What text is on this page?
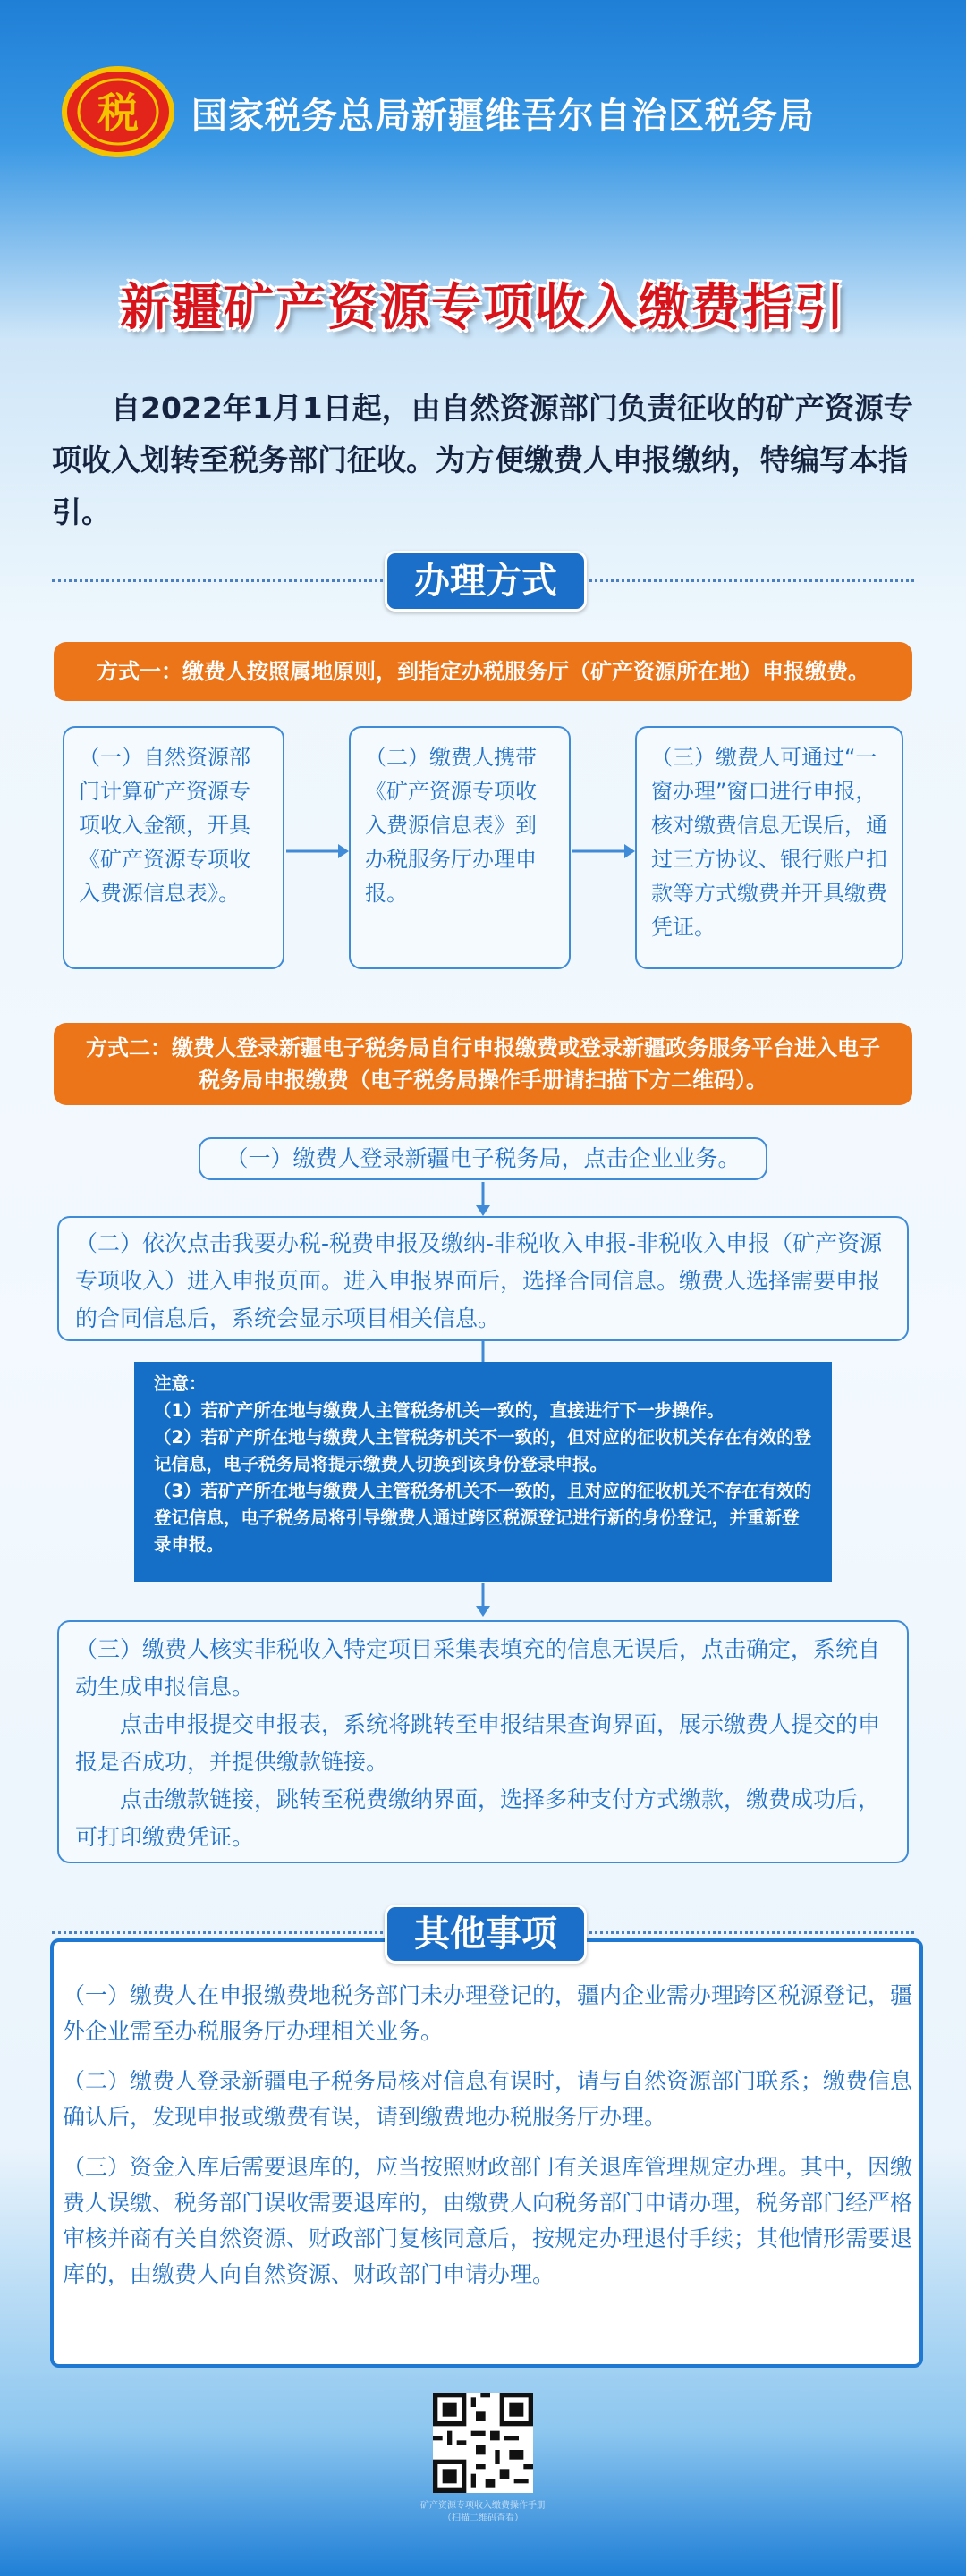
税 国家税务总局新疆维吾尔自治区税务局
新疆矿产资源专项收入缴费指引
自2022年1月1日起，由自然资源部门负责征收的矿产资源专项收入划转至税务部门征收。为方便缴费人申报缴纳，特编写本指引。
办理方式
方式一：缴费人按照属地原则，到指定办税服务厅（矿产资源所在地）申报缴费。
（一）自然资源部门计算矿产资源专项收入金额，开具《矿产资源专项收入费源信息表》。
（二）缴费人携带《矿产资源专项收入费源信息表》到办税服务厅办理申报。
（三）缴费人可通过“一窗办理”窗口进行申报，核对缴费信息无误后，通过三方协议、银行账户扣款等方式缴费并开具缴费凭证。
方式二：缴费人登录新疆电子税务局自行申报缴费或登录新疆政务服务平台进入电子税务局申报缴费（电子税务局操作手册请扫描下方二维码）。
（一）缴费人登录新疆电子税务局，点击企业业务。
（二）依次点击我要办税-税费申报及缴纳-非税收入申报-非税收入申报（矿产资源专项收入）进入申报页面。进入申报界面后，选择合同信息。缴费人选择需要申报的合同信息后，系统会显示项目相关信息。

注意：

（1）若矿产所在地与缴费人主管税务机关一致的，直接进行下一步操作。

（2）若矿产所在地与缴费人主管税务机关不一致的，但对应的征收机关存在有效的登记信息，电子税务局将提示缴费人切换到该身份登录申报。

（3）若矿产所在地与缴费人主管税务机关不一致的，且对应的征收机关不存在有效的登记信息，电子税务局将引导缴费人通过跨区税源登记进行新的身份登记，并重新登录申报。

（三）缴费人核实非税收入特定项目采集表填充的信息无误后，点击确定，系统自动生成申报信息。
点击申报提交申报表，系统将跳转至申报结果查询界面，展示缴费人提交的申报是否成功，并提供缴款链接。
点击缴款链接，跳转至税费缴纳界面，选择多种支付方式缴款，缴费成功后，可打印缴费凭证。
其他事项
（一）缴费人在申报缴费地税务部门未办理登记的，疆内企业需办理跨区税源登记，疆外企业需至办税服务厅办理相关业务。
（二）缴费人登录新疆电子税务局核对信息有误时，请与自然资源部门联系；缴费信息确认后，发现申报或缴费有误，请到缴费地办税服务厅办理。
（三）资金入库后需要退库的，应当按照财政部门有关退库管理规定办理。其中，因缴费人误缴、税务部门误收需要退库的，由缴费人向税务部门申请办理，税务部门经严格审核并商有关自然资源、财政部门复核同意后，按规定办理退付手续；其他情形需要退库的，由缴费人向自然资源、财政部门申请办理。
矿产资源专项收入缴费操作手册
（扫描二维码查看）
